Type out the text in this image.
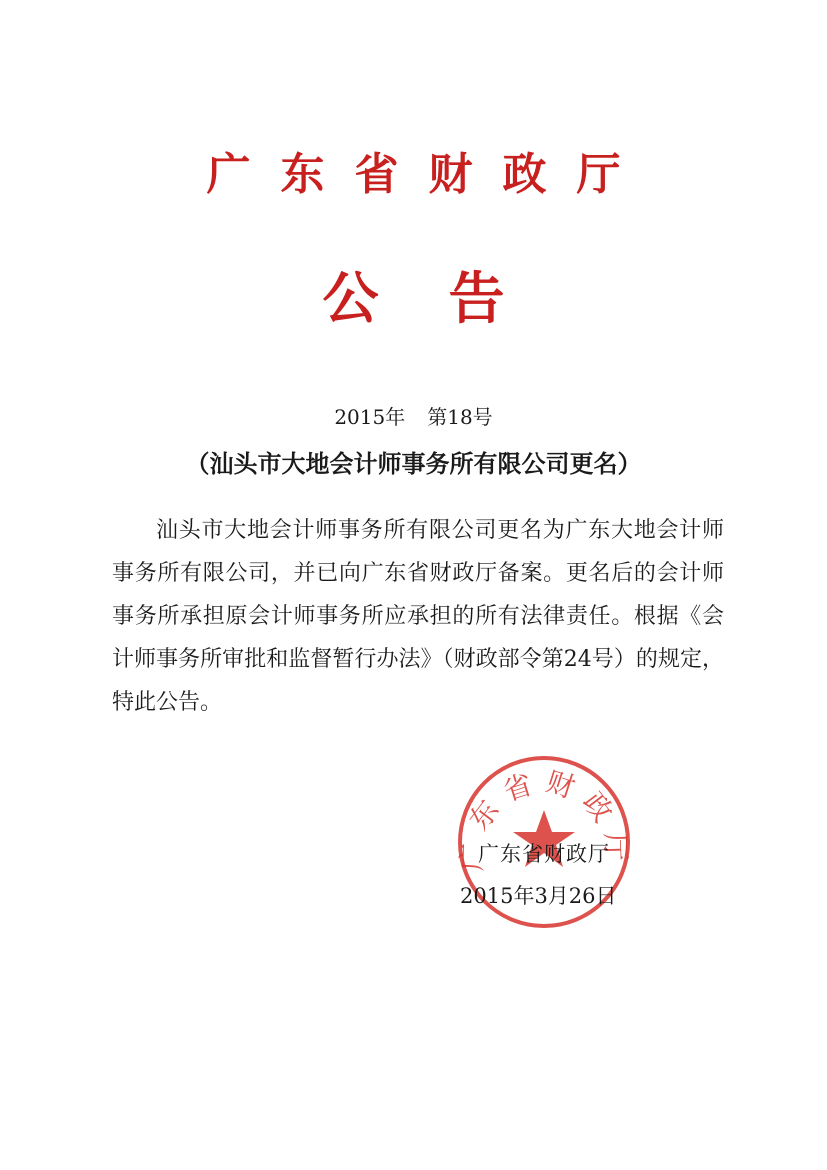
广东省财政厅
公告
2015年 第18号
（汕头市大地会计师事务所有限公司更名）

汕头市大地会计师事务所有限公司更名为广东大地会计师事务所有限公司，并已向广东省财政厅备案。更名后的会计师事务所承担原会计师事务所应承担的所有法律责任。根据《会计师事务所审批和监督暂行办法》（财政部令第24号）的规定，特此公告。

广东省财政厅
广东省财政厅
2015年3月26日
